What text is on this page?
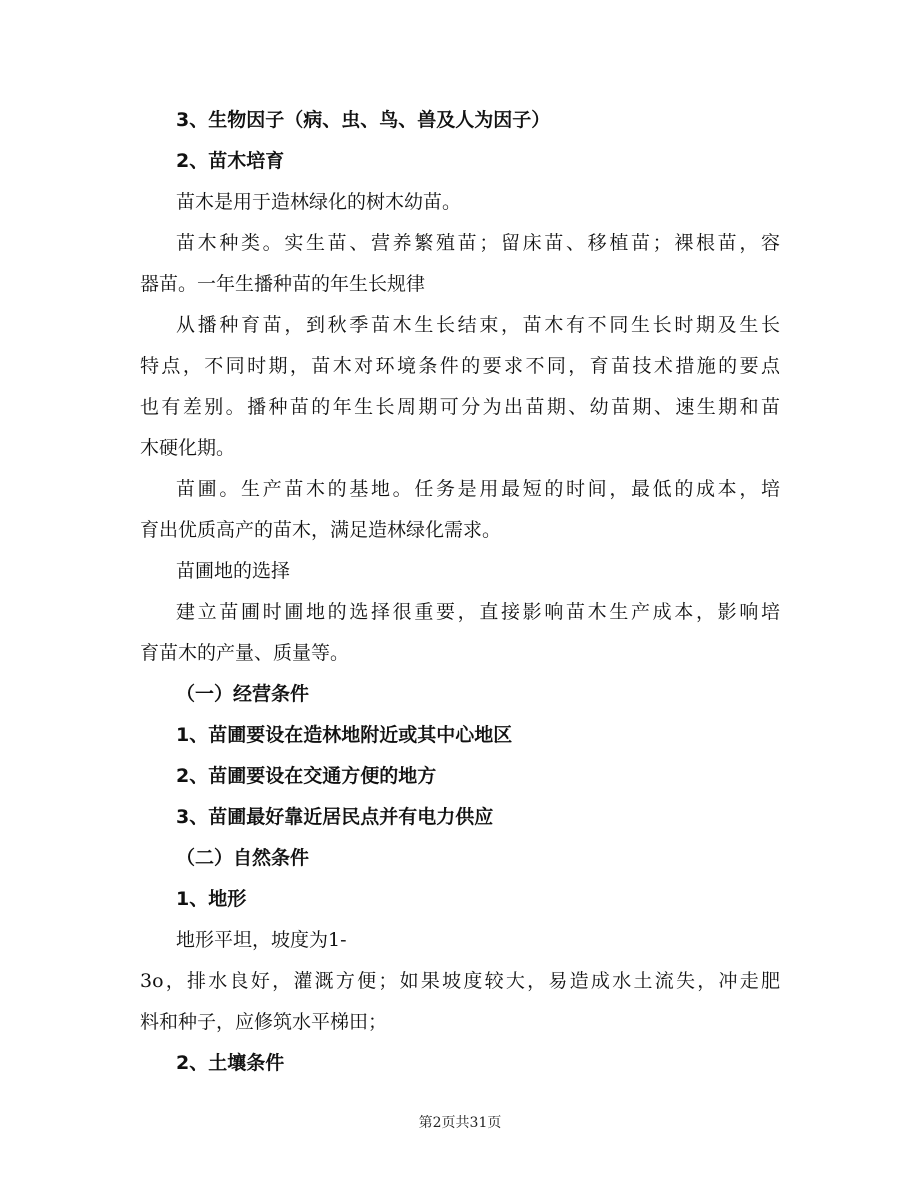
3、生物因子（病、虫、鸟、兽及人为因子）
2、苗木培育
苗木是用于造林绿化的树木幼苗。
苗木种类。实生苗、营养繁殖苗；留床苗、移植苗；裸根苗，容
器苗。一年生播种苗的年生长规律
从播种育苗，到秋季苗木生长结束，苗木有不同生长时期及生长
特点，不同时期，苗木对环境条件的要求不同，育苗技术措施的要点
也有差别。播种苗的年生长周期可分为出苗期、幼苗期、速生期和苗
木硬化期。
苗圃。生产苗木的基地。任务是用最短的时间，最低的成本，培
育出优质高产的苗木，满足造林绿化需求。
苗圃地的选择
建立苗圃时圃地的选择很重要，直接影响苗木生产成本，影响培
育苗木的产量、质量等。
（一）经营条件
1、苗圃要设在造林地附近或其中心地区
2、苗圃要设在交通方便的地方
3、苗圃最好靠近居民点并有电力供应
（二）自然条件
1、地形
地形平坦，坡度为1-
3o，排水良好，灌溉方便；如果坡度较大，易造成水土流失，冲走肥
料和种子，应修筑水平梯田；
2、土壤条件
第2页共31页
